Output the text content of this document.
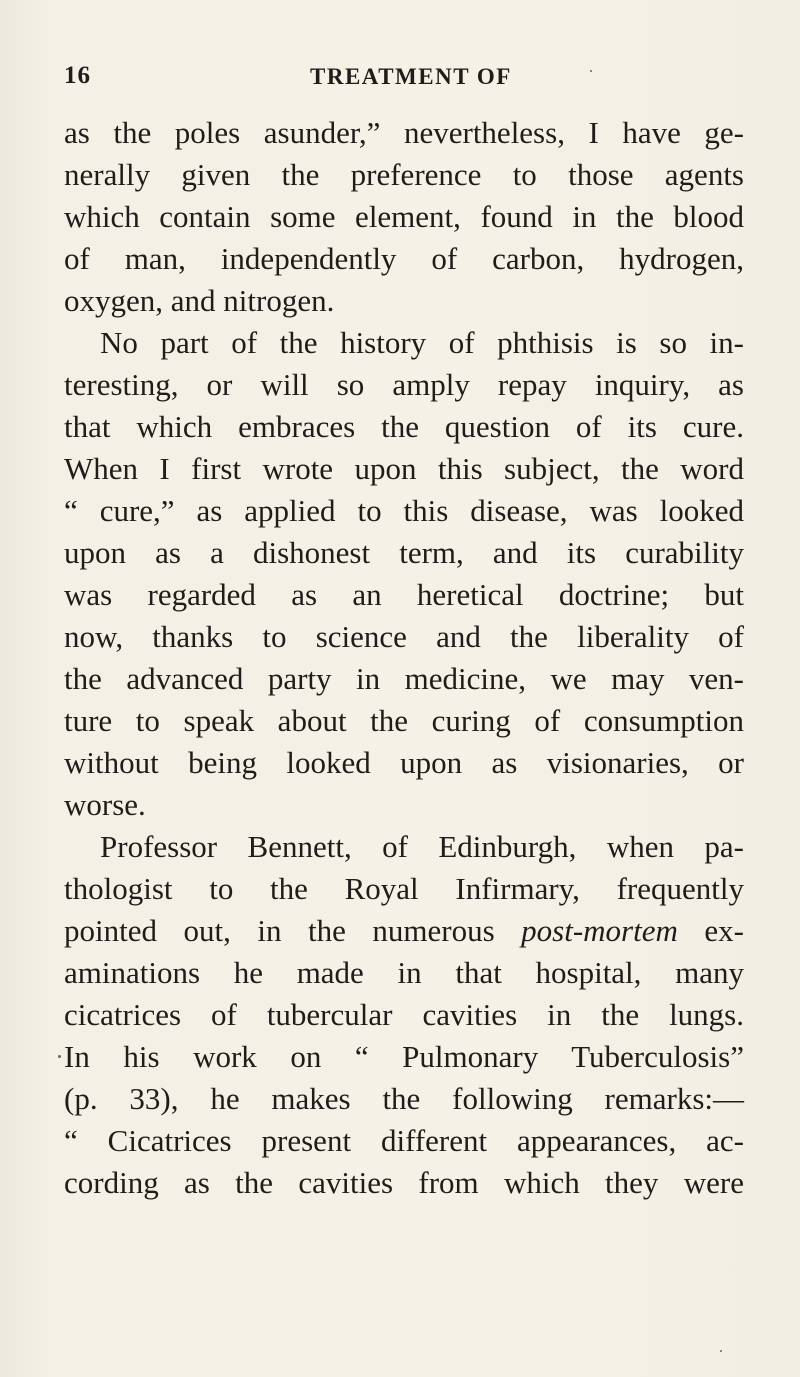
16	TREATMENT OF
as the poles asunder,” nevertheless, I have ge-
nerally given the preference to those agents
which contain some element, found in the blood
of man, independently of carbon, hydrogen,
oxygen, and nitrogen.
No part of the history of phthisis is so in-
teresting, or will so amply repay inquiry, as
that which embraces the question of its cure.
When I first wrote upon this subject, the word
“ cure,” as applied to this disease, was looked
upon as a dishonest term, and its curability
was regarded as an heretical doctrine; but
now, thanks to science and the liberality of
the advanced party in medicine, we may ven-
ture to speak about the curing of consumption
without being looked upon as visionaries, or
worse.
Professor Bennett, of Edinburgh, when pa-
thologist to the Royal Infirmary, frequently
pointed out, in the numerous post-mortem ex-
aminations he made in that hospital, many
cicatrices of tubercular cavities in the lungs.
In his work on “ Pulmonary Tuberculosis”
(p. 33), he makes the following remarks:—
“ Cicatrices present different appearances, ac-
cording as the cavities from which they were
